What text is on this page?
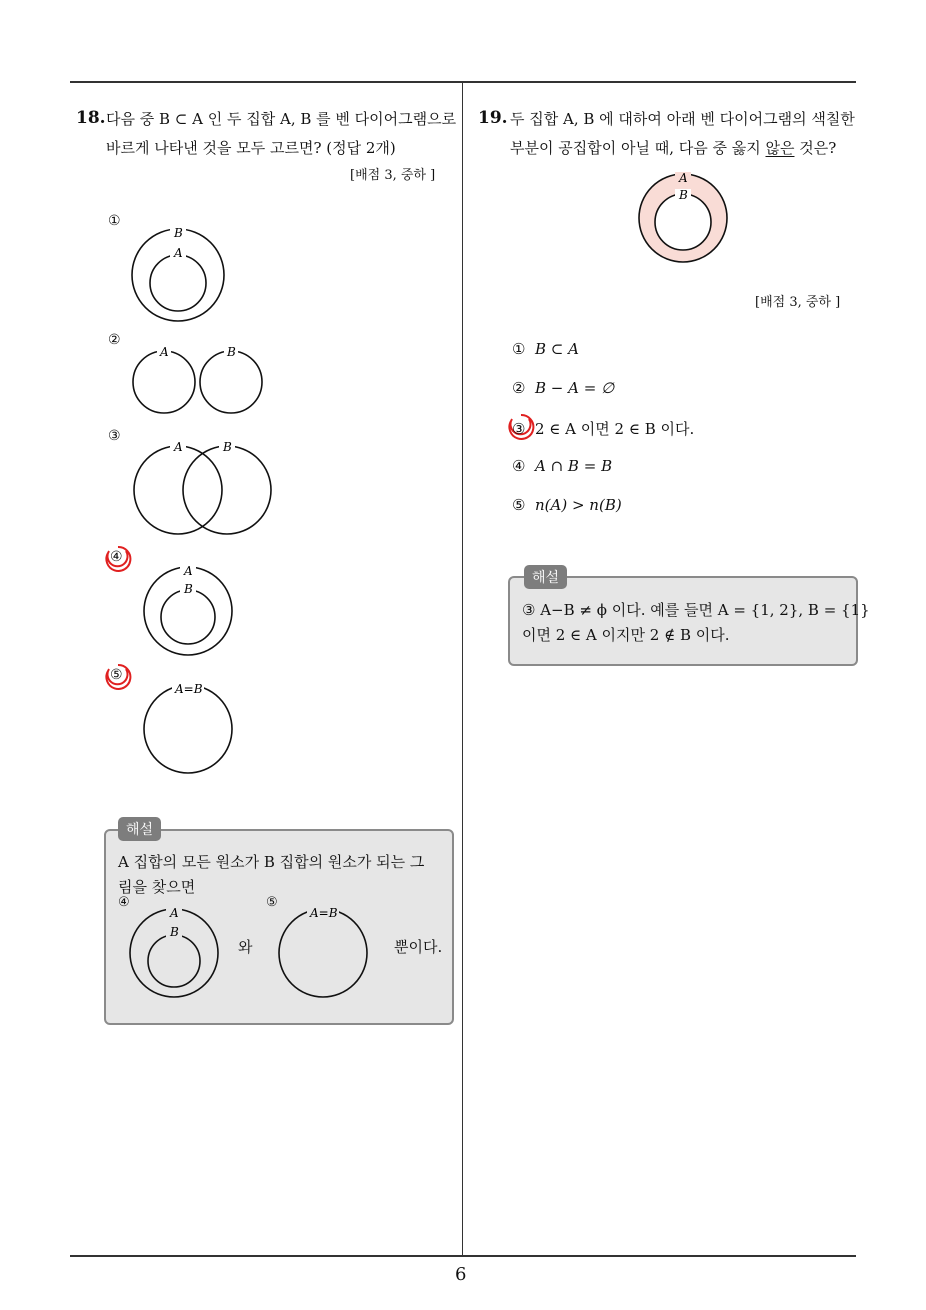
6
18. 다음 중 B ⊂ A 인 두 집합 A, B 를 벤 다이어그램으로
바르게 나타낸 것을 모두 고르면? (정답 2개)
[배점 3, 중하 ]
①
B
A
②
A	B
③
A	B
④
A
B
⑤
A=B
해설
A 집합의 모든 원소가 B 집합의 원소가 되는 그
림을 찾으면
④	⑤
A
B
와
A=B
뿐이다.
19. 두 집합 A, B 에 대하여 아래 벤 다이어그램의 색칠한
부분이 공집합이 아닐 때, 다음 중 옳지 않은 것은?
A
B
[배점 3, 중하 ]
① B ⊂ A
② B − A = ∅
③ 2 ∈ A 이면 2 ∈ B 이다.
④ A ∩ B = B
⑤ n(A) > n(B)
해설
③ A−B ≠ ϕ 이다. 예를 들면 A = {1, 2}, B = {1}
이면 2 ∈ A 이지만 2 ∉ B 이다.
